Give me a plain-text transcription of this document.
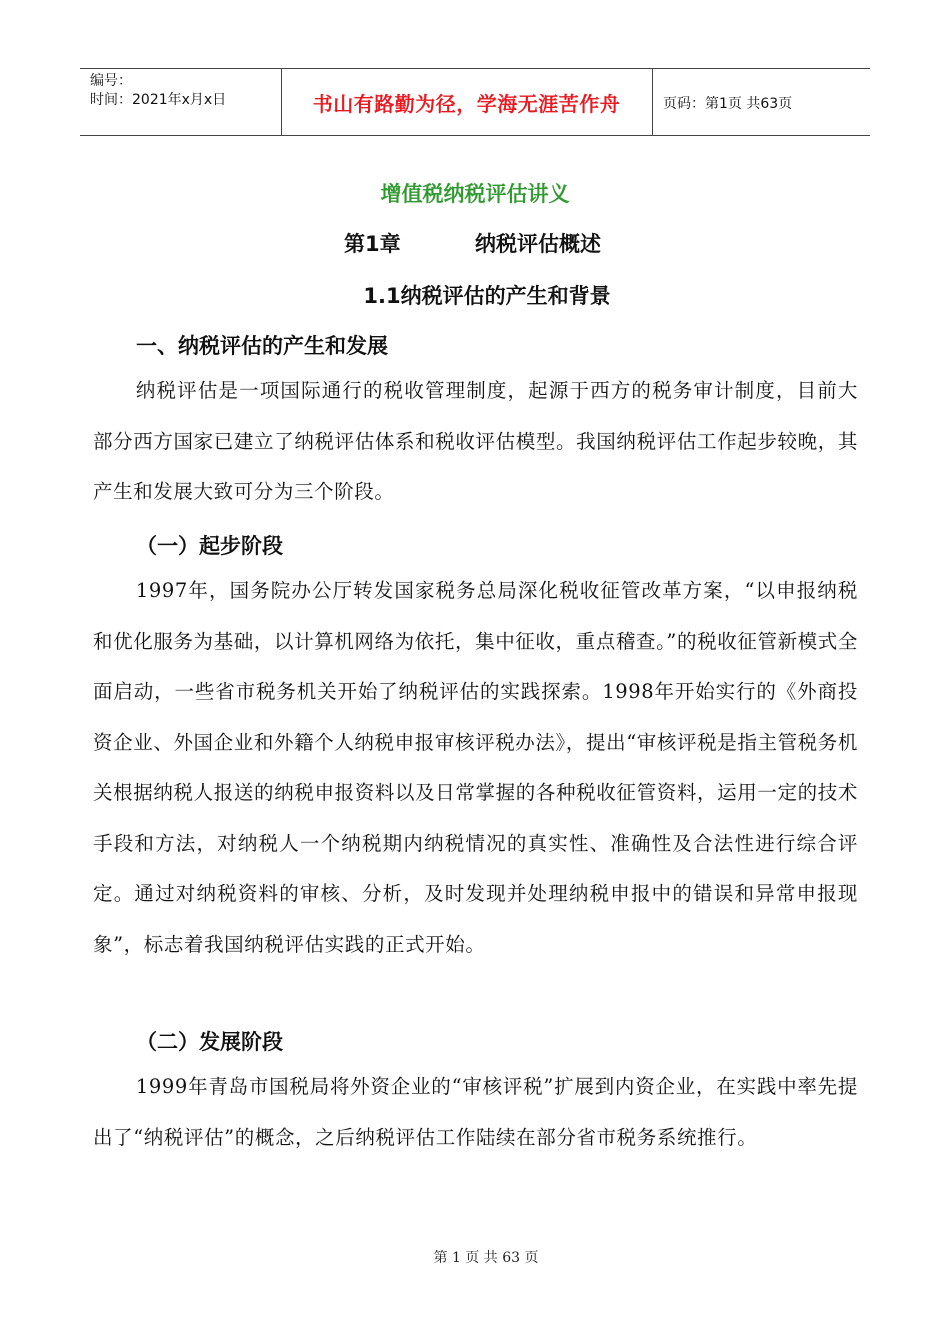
编号：
时间：2021年x月x日	书山有路勤为径，学海无涯苦作舟	页码：第1页 共63页
增值税纳税评估讲义
第1章	纳税评估概述
1.1纳税评估的产生和背景
一、纳税评估的产生和发展
纳税评估是一项国际通行的税收管理制度，起源于西方的税务审计制度，目前大部分西方国家已建立了纳税评估体系和税收评估模型。我国纳税评估工作起步较晚，其产生和发展大致可分为三个阶段。
（一）起步阶段
1997年，国务院办公厅转发国家税务总局深化税收征管改革方案，“以申报纳税和优化服务为基础，以计算机网络为依托，集中征收，重点稽查。”的税收征管新模式全面启动，一些省市税务机关开始了纳税评估的实践探索。1998年开始实行的《外商投资企业、外国企业和外籍个人纳税申报审核评税办法》，提出“审核评税是指主管税务机关根据纳税人报送的纳税申报资料以及日常掌握的各种税收征管资料，运用一定的技术手段和方法，对纳税人一个纳税期内纳税情况的真实性、准确性及合法性进行综合评定。通过对纳税资料的审核、分析，及时发现并处理纳税申报中的错误和异常申报现象”，标志着我国纳税评估实践的正式开始。
（二）发展阶段
1999年青岛市国税局将外资企业的“审核评税”扩展到内资企业，在实践中率先提出了“纳税评估”的概念，之后纳税评估工作陆续在部分省市税务系统推行。
第 1 页 共 63 页
